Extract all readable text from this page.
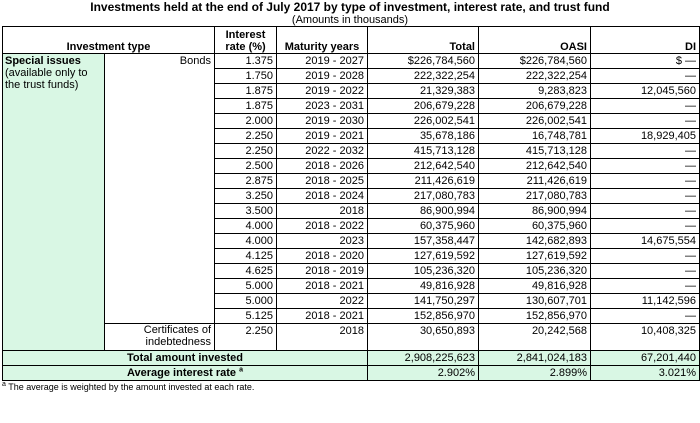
Investments held at the end of July 2017 by type of investment, interest rate, and trust fund
(Amounts in thousands)
Investment type		Interest rate (%)	Maturity years	Total	OASI	DI

Special issues
(available only to the trust funds)	Bonds	1.375	2019 - 2027	$226,784,560	$226,784,560	$ —
		1.750	2019 - 2028	222,322,254	222,322,254	—
		1.875	2019 - 2022	21,329,383	9,283,823	12,045,560
		1.875	2023 - 2031	206,679,228	206,679,228	—
		2.000	2019 - 2030	226,002,541	226,002,541	—
		2.250	2019 - 2021	35,678,186	16,748,781	18,929,405
		2.250	2022 - 2032	415,713,128	415,713,128	—
		2.500	2018 - 2026	212,642,540	212,642,540	—
		2.875	2018 - 2025	211,426,619	211,426,619	—
		3.250	2018 - 2024	217,080,783	217,080,783	—
		3.500	2018	86,900,994	86,900,994	—
		4.000	2018 - 2022	60,375,960	60,375,960	—
		4.000	2023	157,358,447	142,682,893	14,675,554
		4.125	2018 - 2020	127,619,592	127,619,592	—
		4.625	2018 - 2019	105,236,320	105,236,320	—
		5.000	2018 - 2021	49,816,928	49,816,928	—
		5.000	2022	141,750,297	130,607,701	11,142,596
		5.125	2018 - 2021	152,856,970	152,856,970	—
	Certificates of indebtedness	2.250	2018	30,650,893	20,242,568	10,408,325
Total amount invested				2,908,225,623	2,841,024,183	67,201,440
Average interest rate $^a$				2.902%	2.899%	3.021%
$^a$ The average is weighted by the amount invested at each rate.
